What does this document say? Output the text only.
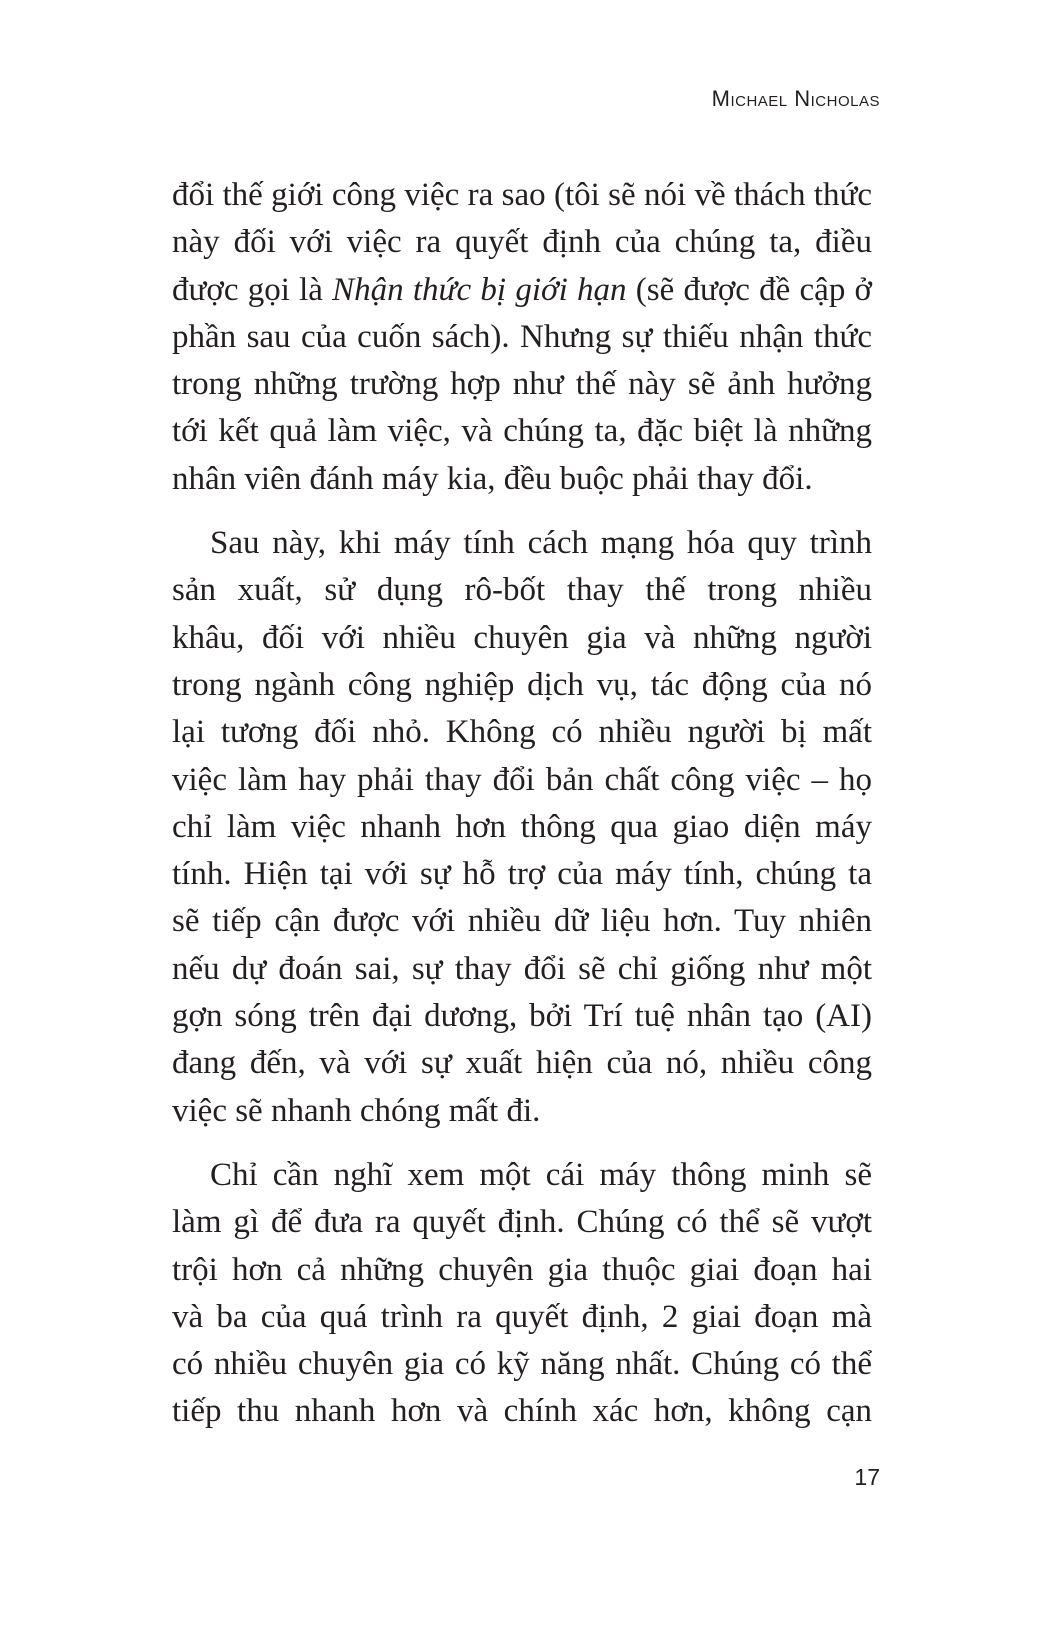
Michael Nicholas
đổi thế giới công việc ra sao (tôi sẽ nói về thách thức
này đối với việc ra quyết định của chúng ta, điều
được gọi là Nhận thức bị giới hạn (sẽ được đề cập ở
phần sau của cuốn sách). Nhưng sự thiếu nhận thức
trong những trường hợp như thế này sẽ ảnh hưởng
tới kết quả làm việc, và chúng ta, đặc biệt là những
nhân viên đánh máy kia, đều buộc phải thay đổi.
Sau này, khi máy tính cách mạng hóa quy trình
sản xuất, sử dụng rô-bốt thay thế trong nhiều
khâu, đối với nhiều chuyên gia và những người
trong ngành công nghiệp dịch vụ, tác động của nó
lại tương đối nhỏ. Không có nhiều người bị mất
việc làm hay phải thay đổi bản chất công việc – họ
chỉ làm việc nhanh hơn thông qua giao diện máy
tính. Hiện tại với sự hỗ trợ của máy tính, chúng ta
sẽ tiếp cận được với nhiều dữ liệu hơn. Tuy nhiên
nếu dự đoán sai, sự thay đổi sẽ chỉ giống như một
gợn sóng trên đại dương, bởi Trí tuệ nhân tạo (AI)
đang đến, và với sự xuất hiện của nó, nhiều công
việc sẽ nhanh chóng mất đi.
Chỉ cần nghĩ xem một cái máy thông minh sẽ
làm gì để đưa ra quyết định. Chúng có thể sẽ vượt
trội hơn cả những chuyên gia thuộc giai đoạn hai
và ba của quá trình ra quyết định, 2 giai đoạn mà
có nhiều chuyên gia có kỹ năng nhất. Chúng có thể
tiếp thu nhanh hơn và chính xác hơn, không cạn
17
